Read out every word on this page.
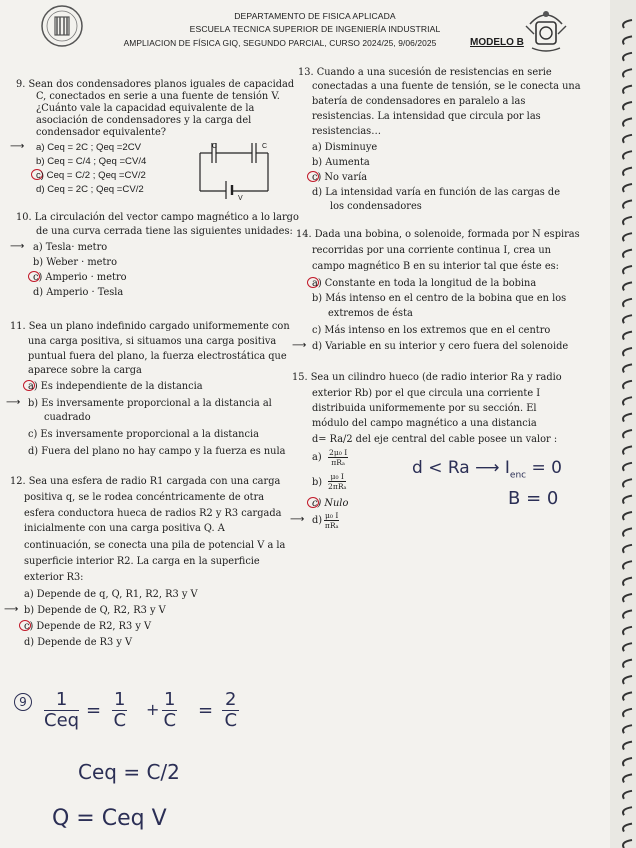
DEPARTAMENTO DE FISICA APLICADA
ESCUELA TECNICA SUPERIOR DE INGENIERÍA INDUSTRIAL
AMPLIACION DE FÍSICA GIQ, SEGUNDO PARCIAL, CURSO 2024/25, 9/06/2025	MODELO B
9. Sean dos condensadores planos iguales de capacidad
C, conectados en serie a una fuente de tensión V.
¿Cuánto vale la capacidad equivalente de la
asociación de condensadores y la carga del
condensador equivalente?
⟶ a) Ceq = 2C ; Qeq =2CV
b) Ceq = C/4 ; Qeq =CV/4
c) Ceq = C/2 ; Qeq =CV/2
d) Ceq = 2C ; Qeq =CV/2
C	C
V
10. La circulación del vector campo magnético a lo largo
de una curva cerrada tiene las siguientes unidades:
⟶ a) Tesla· metro
b) Weber · metro
c) Amperio · metro
d) Amperio · Tesla
11. Sea un plano indefinido cargado uniformemente con
una carga positiva, si situamos una carga positiva
puntual fuera del plano, la fuerza electrostática que
aparece sobre la carga
a) Es independiente de la distancia
⟶ b) Es inversamente proporcional a la distancia al
cuadrado
c) Es inversamente proporcional a la distancia
d) Fuera del plano no hay campo y la fuerza es nula
12. Sea una esfera de radio R1 cargada con una carga
positiva q, se le rodea concéntricamente de otra
esfera conductora hueca de radios R2 y R3 cargada
inicialmente con una carga positiva Q. A
continuación, se conecta una pila de potencial V a la
superficie interior R2. La carga en la superficie
exterior R3:
a) Depende de q, Q, R1, R2, R3 y V
⟶ b) Depende de Q, R2, R3 y V
c) Depende de R2, R3 y V
d) Depende de R3 y V
13. Cuando a una sucesión de resistencias en serie
conectadas a una fuente de tensión, se le conecta una
batería de condensadores en paralelo a las
resistencias. La intensidad que circula por las
resistencias…
a) Disminuye
b) Aumenta
c) No varía
d) La intensidad varía en función de las cargas de
los condensadores
14. Dada una bobina, o solenoide, formada por N espiras
recorridas por una corriente continua I, crea un
campo magnético B en su interior tal que éste es:
a) Constante en toda la longitud de la bobina
b) Más intenso en el centro de la bobina que en los
extremos de ésta
c) Más intenso en los extremos que en el centro
⟶ d) Variable en su interior y cero fuera del solenoide
15. Sea un cilindro hueco (de radio interior Ra y radio
exterior Rb) por el que circula una corriente I
distribuida uniformemente por su sección. El
módulo del campo magnético a una distancia
d= Ra/2 del eje central del cable posee un valor :
a) 2μ₀ I
πRₐ
b)
μ₀ I
2πRₐ
c) Nulo
⟶ d) μ₀ I
πRₐ
d < Ra ⟶ $I_{enc} = 0$
B = 0
9	1
Ceq =
1
C
+ 1
C =
2
C
Ceq = C/2
Q = Ceq V
